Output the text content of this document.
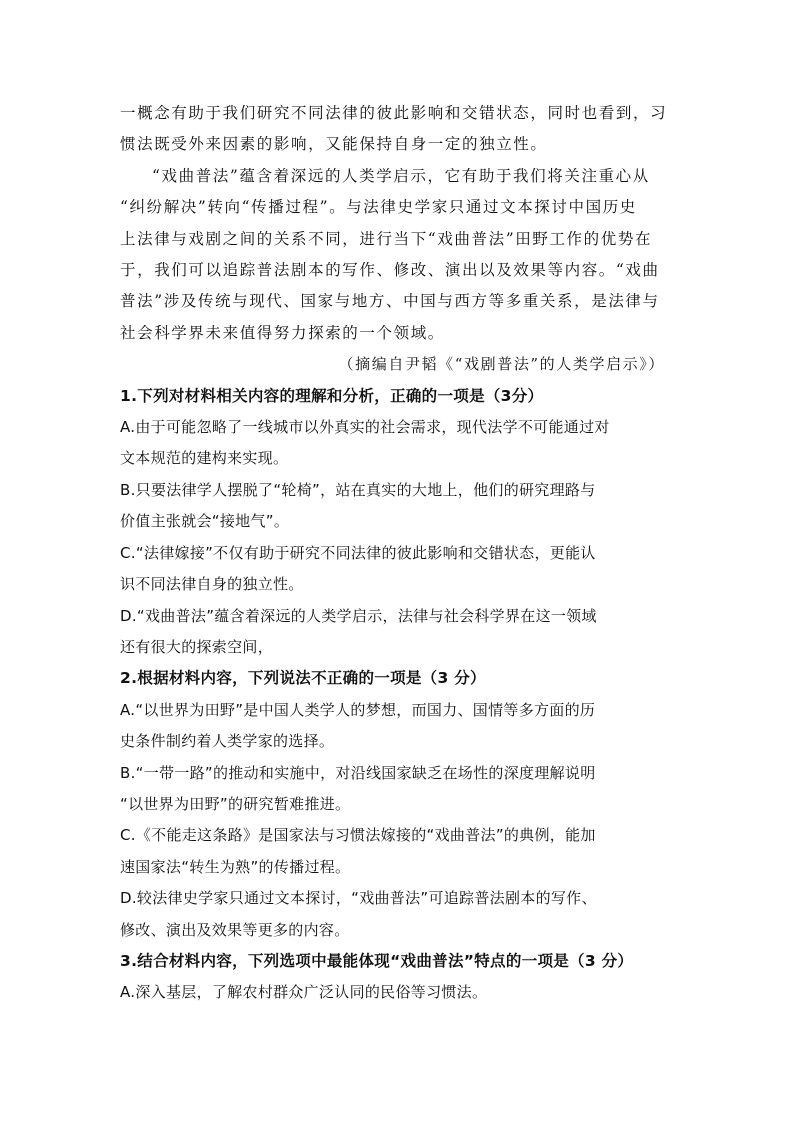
一概念有助于我们研究不同法律的彼此影响和交错状态，同时也看到，习
惯法既受外来因素的影响，又能保持自身一定的独立性。
“戏曲普法”蕴含着深远的人类学启示，它有助于我们将关注重心从
“纠纷解决”转向“传播过程”。与法律史学家只通过文本探讨中国历史
上法律与戏剧之间的关系不同，进行当下“戏曲普法”田野工作的优势在
于，我们可以追踪普法剧本的写作、修改、演出以及效果等内容。“戏曲
普法”涉及传统与现代、国家与地方、中国与西方等多重关系，是法律与
社会科学界未来值得努力探索的一个领域。
（摘编自尹韬《“戏剧普法”的人类学启示》）
1.下列对材料相关内容的理解和分析，正确的一项是（3分）
A.由于可能忽略了一线城市以外真实的社会需求，现代法学不可能通过对
文本规范的建构来实现。
B.只要法律学人摆脱了“轮椅”，站在真实的大地上，他们的研究理路与
价值主张就会“接地气”。
C.“法律嫁接”不仅有助于研究不同法律的彼此影响和交错状态，更能认
识不同法律自身的独立性。
D.“戏曲普法”蕴含着深远的人类学启示，法律与社会科学界在这一领域
还有很大的探索空间，
2.根据材料内容，下列说法不正确的一项是（3 分）
A.“以世界为田野”是中国人类学人的梦想，而国力、国情等多方面的历
史条件制约着人类学家的选择。
B.“一带一路”的推动和实施中，对沿线国家缺乏在场性的深度理解说明
“以世界为田野”的研究暂难推进。
C.《不能走这条路》是国家法与习惯法嫁接的“戏曲普法”的典例，能加
速国家法“转生为熟”的传播过程。
D.较法律史学家只通过文本探讨，“戏曲普法”可追踪普法剧本的写作、
修改、演出及效果等更多的内容。
3.结合材料内容，下列选项中最能体现“戏曲普法”特点的一项是（3 分）
A.深入基层，了解农村群众广泛认同的民俗等习惯法。
